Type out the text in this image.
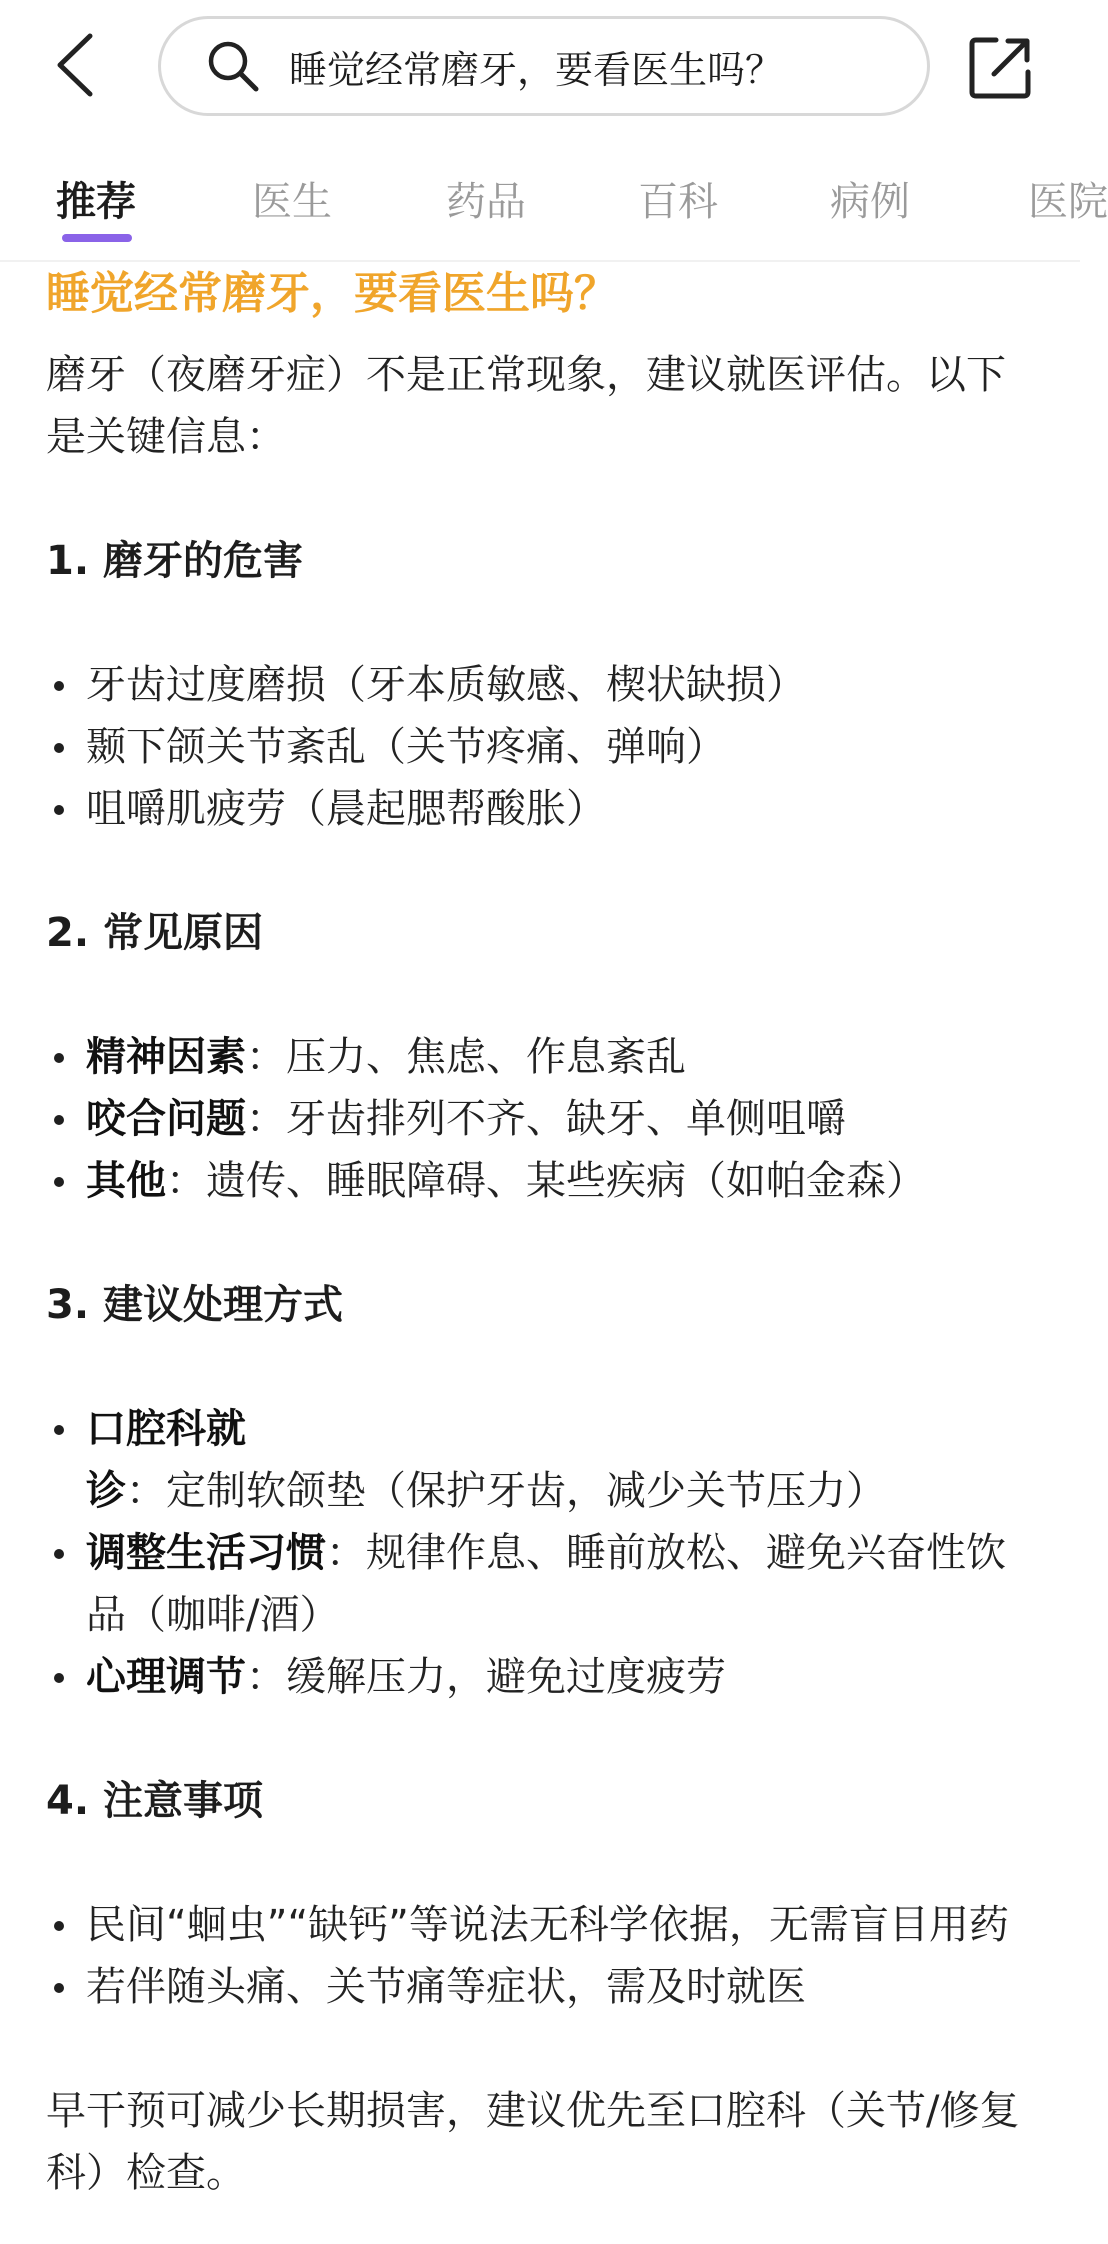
睡觉经常磨牙，要看医生吗？
推荐	医生	药品	百科	病例	医院
睡觉经常磨牙，要看医生吗？

磨牙（夜磨牙症）不是正常现象，建议就医评估。以下是关键信息：

1. 磨牙的危害
牙齿过度磨损（牙本质敏感、楔状缺损）
颞下颌关节紊乱（关节疼痛、弹响）
咀嚼肌疲劳（晨起腮帮酸胀）
2. 常见原因
精神因素：压力、焦虑、作息紊乱
咬合问题：牙齿排列不齐、缺牙、单侧咀嚼
其他：遗传、睡眠障碍、某些疾病（如帕金森）
3. 建议处理方式
口腔科就诊：定制软颌垫（保护牙齿，减少关节压力）
调整生活习惯：规律作息、睡前放松、避免兴奋性饮品（咖啡/酒）
心理调节：缓解压力，避免过度疲劳
4. 注意事项
民间“蛔虫”“缺钙”等说法无科学依据，无需盲目用药
若伴随头痛、关节痛等症状，需及时就医

早干预可减少长期损害，建议优先至口腔科（关节/修复科）检查。
